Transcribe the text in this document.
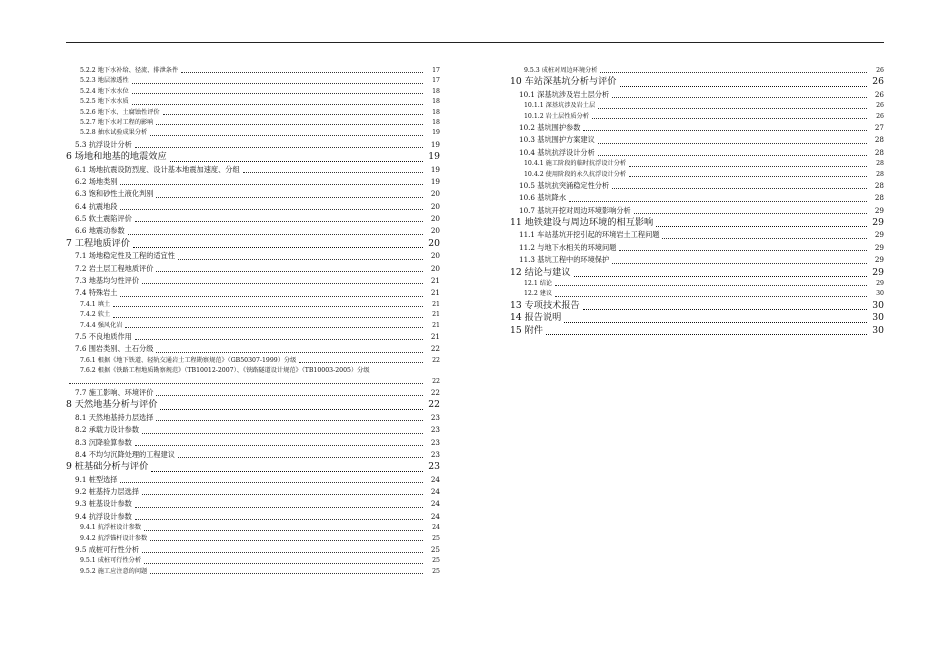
5.2.2 地下水补给、径流、排泄条件	17
5.2.3 地层渗透性	17
5.2.4 地下水水位	18
5.2.5 地下水水质	18
5.2.6 地下水、土腐蚀性评价	18
5.2.7 地下水对工程的影响	18
5.2.8 抽水试验成果分析	19
5.3 抗浮设计分析	19
6 场地和地基的地震效应	19
6.1 场地抗震设防烈度、设计基本地震加速度、分组	19
6.2 场地类别	19
6.3 饱和砂性土液化判别	20
6.4 抗震地段	20
6.5 软土震陷评价	20
6.6 地震动参数	20
7 工程地质评价	20
7.1 场地稳定性及工程的适宜性	20
7.2 岩土层工程地质评价	20
7.3 地基均匀性评价	21
7.4 特殊岩土	21
7.4.1 填土	21
7.4.2 软土	21
7.4.4 强风化岩	21
7.5 不良地质作用	21
7.6 围岩类别、土石分级	22
7.6.1 根据《地下铁道、轻轨交通岩土工程勘察规范》（GB50307-1999）分级	22
7.6.2 根据《铁路工程地质勘察规范》（TB10012-2007）、《铁路隧道设计规范》（TB10003-2005）分级
22
7.7 施工影响、环境评价	22
8 天然地基分析与评价	22
8.1 天然地基持力层选择	23
8.2 承载力设计参数	23
8.3 沉降验算参数	23
8.4 不均匀沉降处理的工程建议	23
9 桩基础分析与评价	23
9.1 桩型选择	24
9.2 桩基持力层选择	24
9.3 桩基设计参数	24
9.4 抗浮设计参数	24
9.4.1 抗浮桩设计参数	24
9.4.2 抗浮锚杆设计参数	25
9.5 成桩可行性分析	25
9.5.1 成桩可行性分析	25
9.5.2 施工应注意的问题	25
9.5.3 成桩对周边环境分析	26
10 车站深基坑分析与评价	26
10.1 深基坑涉及岩土层分析	26
10.1.1 深基坑涉及岩土层	26
10.1.2 岩土层性质分析	26
10.2 基坑围护参数	27
10.3 基坑围护方案建议	28
10.4 基坑抗浮设计分析	28
10.4.1 施工阶段的临时抗浮设计分析	28
10.4.2 使用阶段的永久抗浮设计分析	28
10.5 基坑抗突涌稳定性分析	28
10.6 基坑降水	28
10.7 基坑开挖对周边环境影响分析	29
11 地铁建设与周边环境的相互影响	29
11.1 车站基坑开挖引起的环境岩土工程问题	29
11.2 与地下水相关的环境问题	29
11.3 基坑工程中的环境保护	29
12 结论与建议	29
12.1 结论	29
12.2 建议	30
13 专项技术报告	30
14 报告说明	30
15 附件	30
